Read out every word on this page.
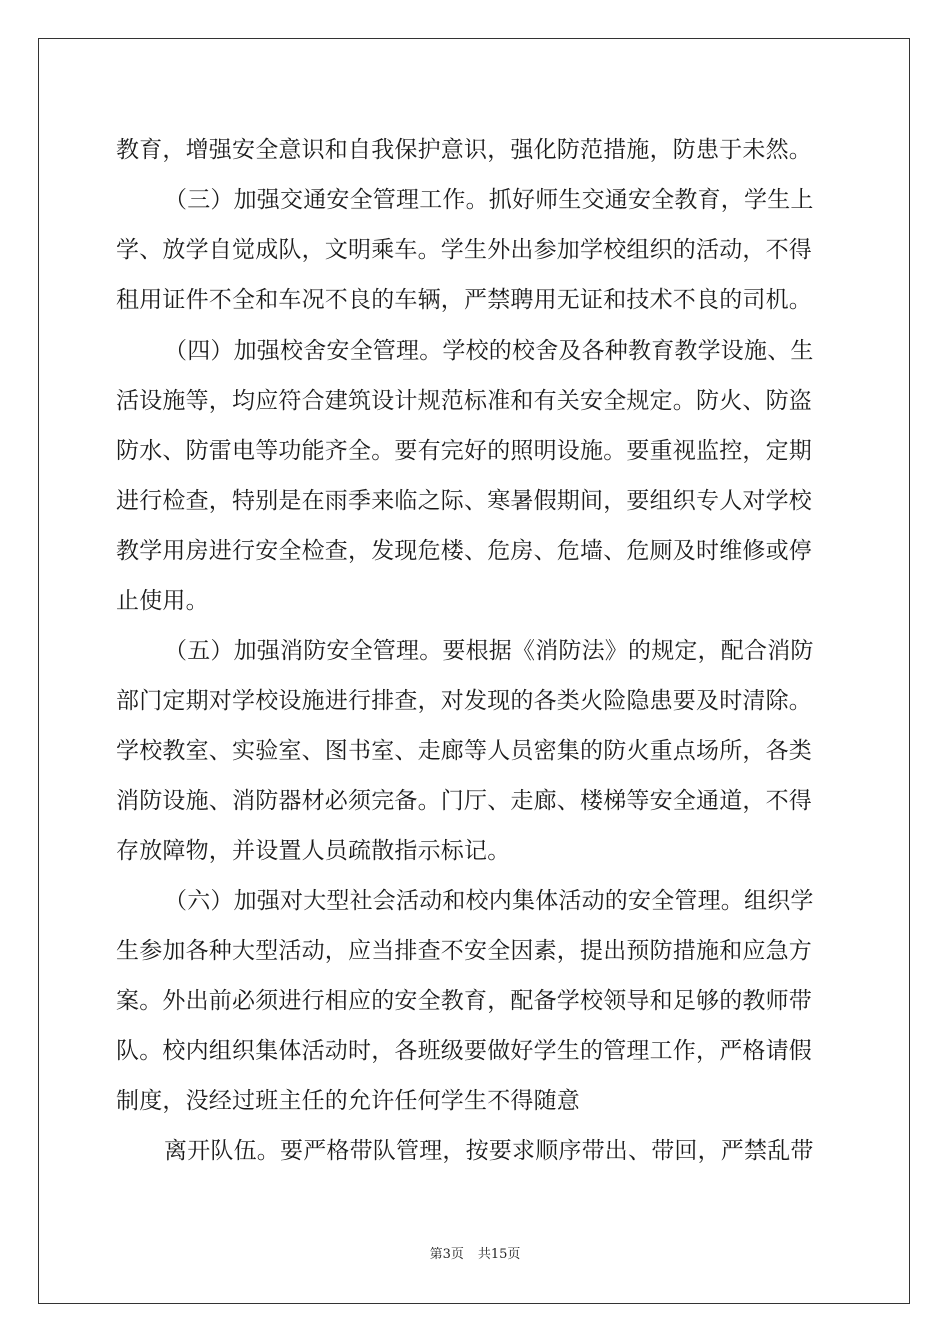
教育，增强安全意识和自我保护意识，强化防范措施，防患于未然。
（三）加强交通安全管理工作。抓好师生交通安全教育，学生上
学、放学自觉成队，文明乘车。学生外出参加学校组织的活动，不得
租用证件不全和车况不良的车辆，严禁聘用无证和技术不良的司机。
（四）加强校舍安全管理。学校的校舍及各种教育教学设施、生
活设施等，均应符合建筑设计规范标准和有关安全规定。防火、防盗
防水、防雷电等功能齐全。要有完好的照明设施。要重视监控，定期
进行检查，特别是在雨季来临之际、寒暑假期间，要组织专人对学校
教学用房进行安全检查，发现危楼、危房、危墙、危厕及时维修或停
止使用。
（五）加强消防安全管理。要根据《消防法》的规定，配合消防
部门定期对学校设施进行排查，对发现的各类火险隐患要及时清除。
学校教室、实验室、图书室、走廊等人员密集的防火重点场所，各类
消防设施、消防器材必须完备。门厅、走廊、楼梯等安全通道，不得
存放障物，并设置人员疏散指示标记。
（六）加强对大型社会活动和校内集体活动的安全管理。组织学
生参加各种大型活动，应当排查不安全因素，提出预防措施和应急方
案。外出前必须进行相应的安全教育，配备学校领导和足够的教师带
队。校内组织集体活动时，各班级要做好学生的管理工作，严格请假
制度，没经过班主任的允许任何学生不得随意
离开队伍。要严格带队管理，按要求顺序带出、带回，严禁乱带
第3页 共15页
